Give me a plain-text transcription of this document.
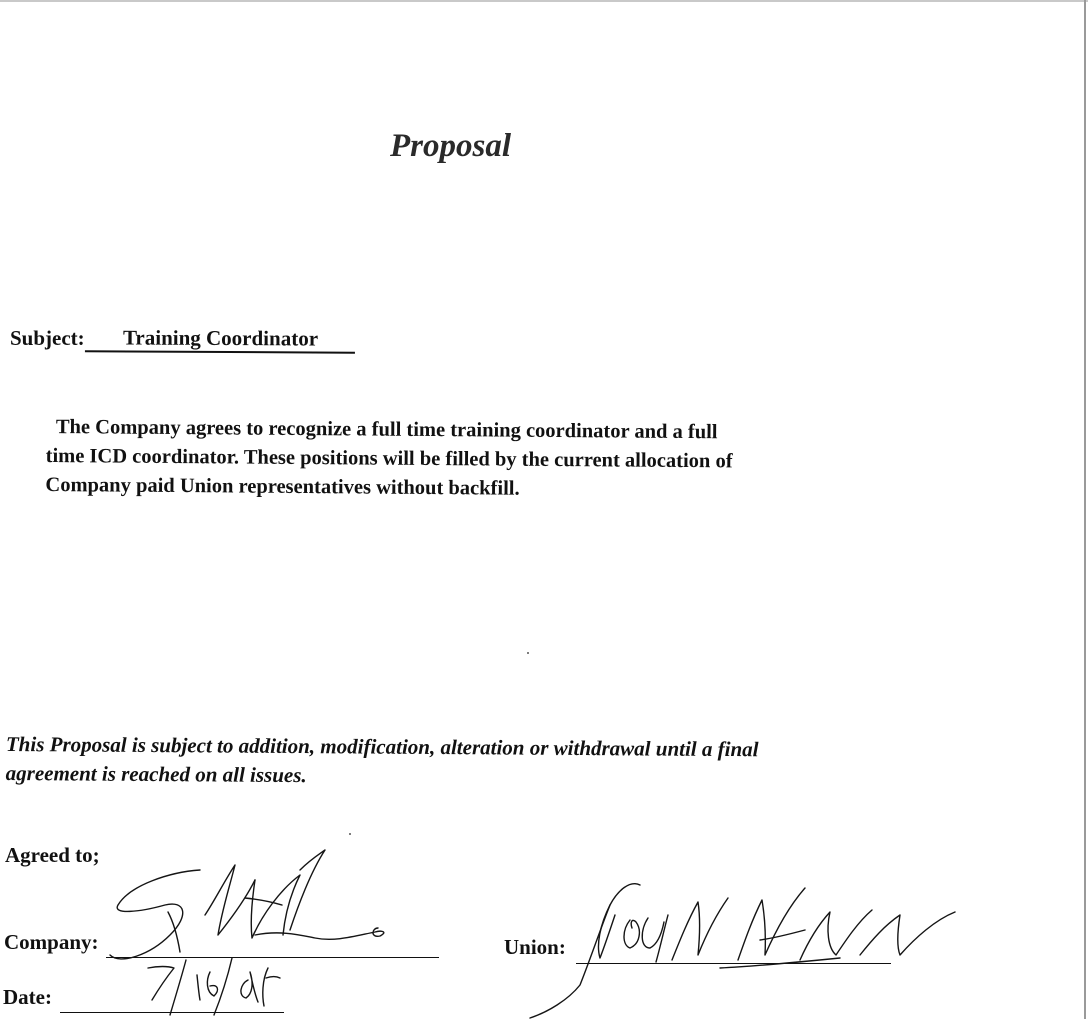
Proposal
Subject:	Training Coordinator
The Company agrees to recognize a full time training coordinator and a full
time ICD coordinator. These positions will be filled by the current allocation of
Company paid Union representatives without backfill.
This Proposal is subject to addition, modification, alteration or withdrawal until a final
agreement is reached on all issues.
Agreed to;
Company:
Date:
Union:
